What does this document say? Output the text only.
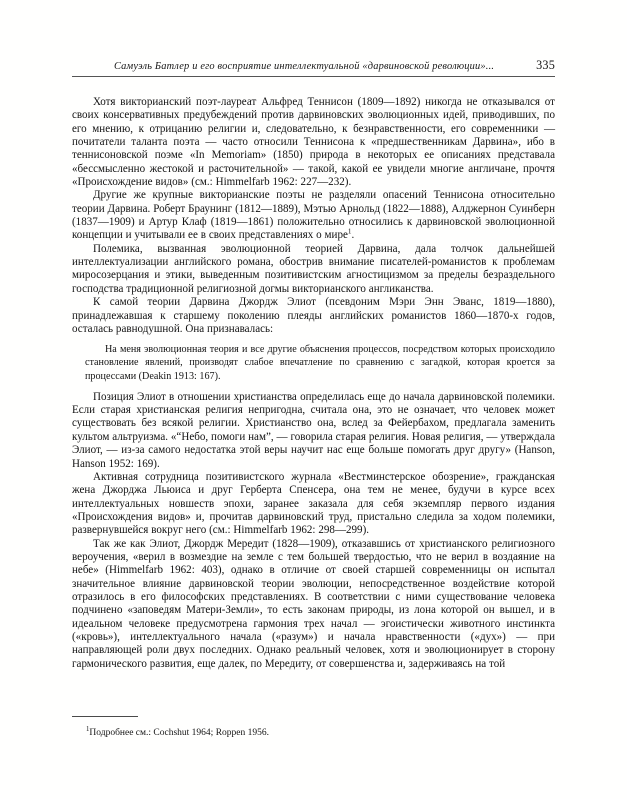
Самуэль Батлер и его восприятие интеллектуальной «дарвиновской революции»...	335

Хотя викторианский поэт-лауреат Альфред Теннисон (1809—1892) никогда не отказывался от своих консервативных предубеждений против дарвиновских эволюционных идей, приводивших, по его мнению, к отрицанию религии и, следовательно, к безнравственности, его современники — почитатели таланта поэта — часто относили Теннисона к «предшественникам Дарвина», ибо в теннисоновской поэме «In Memoriam» (1850) природа в некоторых ее описаниях представала «бессмысленно жестокой и расточительной» — такой, какой ее увидели многие англичане, прочтя «Происхождение видов» (см.: Himmelfarb 1962: 227—232).

Другие же крупные викторианские поэты не разделяли опасений Теннисона относительно теории Дарвина. Роберт Браунинг (1812—1889), Мэтью Арнольд (1822—1888), Алджернон Суинберн (1837—1909) и Артур Клаф (1819—1861) положительно относились к дарвиновской эволюционной концепции и учитывали ее в своих представлениях о мире$^1$.

Полемика, вызванная эволюционной теорией Дарвина, дала толчок дальнейшей интеллектуализации английского романа, обострив внимание писателей-романистов к проблемам миросозерцания и этики, выведенным позитивистским агностицизмом за пределы безраздельного господства традиционной религиозной догмы викторианского англиканства.

К самой теории Дарвина Джордж Элиот (псевдоним Мэри Энн Эванс, 1819—1880), принадлежавшая к старшему поколению плеяды английских романистов 1860—1870-х годов, осталась равнодушной. Она признавалась:

На меня эволюционная теория и все другие объяснения процессов, посредством которых происходило становление явлений, производят слабое впечатление по сравнению с загадкой, которая кроется за процессами (Deakin 1913: 167).

Позиция Элиот в отношении христианства определилась еще до начала дарвиновской полемики. Если старая христианская религия непригодна, считала она, это не означает, что человек может существовать без всякой религии. Христианство она, вслед за Фейербахом, предлагала заменить культом альтруизма. «“Небо, помоги нам”, — говорила старая религия. Новая религия, — утверждала Элиот, — из-за самого недостатка этой веры научит нас еще больше помогать друг другу» (Hanson, Hanson 1952: 169).

Активная сотрудница позитивистского журнала «Вестминстерское обозрение», гражданская жена Джорджа Льюиса и друг Герберта Спенсера, она тем не менее, будучи в курсе всех интеллектуальных новшеств эпохи, заранее заказала для себя экземпляр первого издания «Происхождения видов» и, прочитав дарвиновский труд, пристально следила за ходом полемики, развернувшейся вокруг него (см.: Himmelfarb 1962: 298—299).

Так же как Элиот, Джордж Мередит (1828—1909), отказавшись от христианского религиозного вероучения, «верил в возмездие на земле с тем большей твердостью, что не верил в воздаяние на небе» (Himmelfarb 1962: 403), однако в отличие от своей старшей современницы он испытал значительное влияние дарвиновской теории эволюции, непосредственное воздействие которой отразилось в его философских представлениях. В соответствии с ними существование человека подчинено «заповедям Матери-Земли», то есть законам природы, из лона которой он вышел, и в идеальном человеке предусмотрена гармония трех начал — эгоистически животного инстинкта («кровь»), интеллектуального начала («разум») и начала нравственности («дух») — при направляющей роли двух последних. Однако реальный человек, хотя и эволюционирует в сторону гармонического развития, еще далек, по Мередиту, от совершенства и, задерживаясь на той

$^1$Подробнее см.: Cochshut 1964; Roppen 1956.
